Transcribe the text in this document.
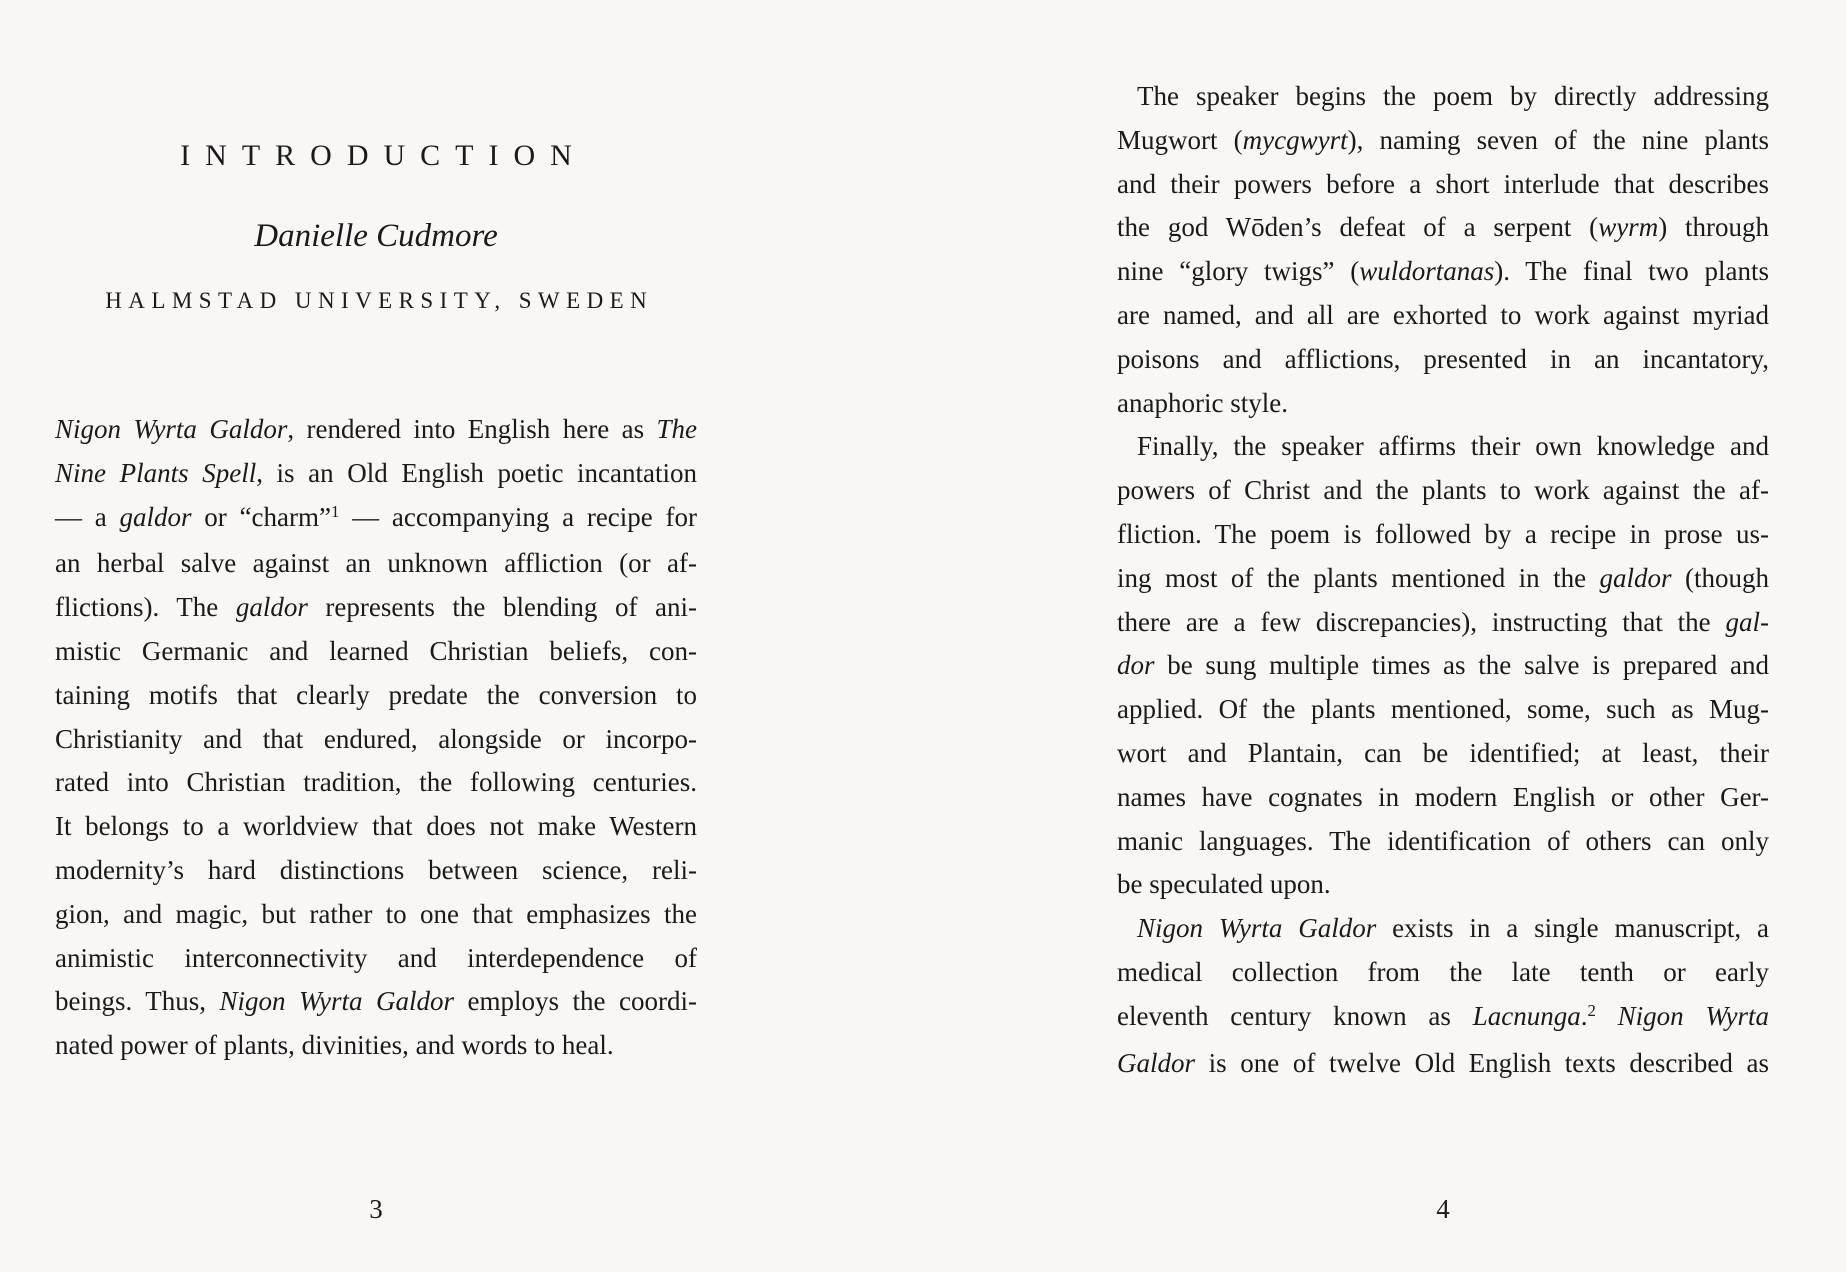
INTRODUCTION
Danielle Cudmore
HALMSTAD UNIVERSITY, SWEDEN
Nigon Wyrta Galdor, rendered into English here as The
Nine Plants Spell, is an Old English poetic incantation
— a galdor or “charm”$^1$ — accompanying a recipe for
an herbal salve against an unknown affliction (or af-
flictions). The galdor represents the blending of ani-
mistic Germanic and learned Christian beliefs, con-
taining motifs that clearly predate the conversion to
Christianity and that endured, alongside or incorpo-
rated into Christian tradition, the following centuries.
It belongs to a worldview that does not make Western
modernity’s hard distinctions between science, reli-
gion, and magic, but rather to one that emphasizes the
animistic interconnectivity and interdependence of
beings. Thus, Nigon Wyrta Galdor employs the coordi-
nated power of plants, divinities, and words to heal.
3
The speaker begins the poem by directly addressing
Mugwort (mycgwyrt), naming seven of the nine plants
and their powers before a short interlude that describes
the god Wōden’s defeat of a serpent (wyrm) through
nine “glory twigs” (wuldortanas). The final two plants
are named, and all are exhorted to work against myriad
poisons and afflictions, presented in an incantatory,
anaphoric style.
Finally, the speaker affirms their own knowledge and
powers of Christ and the plants to work against the af-
fliction. The poem is followed by a recipe in prose us-
ing most of the plants mentioned in the galdor (though
there are a few discrepancies), instructing that the gal-
dor be sung multiple times as the salve is prepared and
applied. Of the plants mentioned, some, such as Mug-
wort and Plantain, can be identified; at least, their
names have cognates in modern English or other Ger-
manic languages. The identification of others can only
be speculated upon.
Nigon Wyrta Galdor exists in a single manuscript, a
medical collection from the late tenth or early
eleventh century known as Lacnunga.$^2$ Nigon Wyrta
Galdor is one of twelve Old English texts described as
4
